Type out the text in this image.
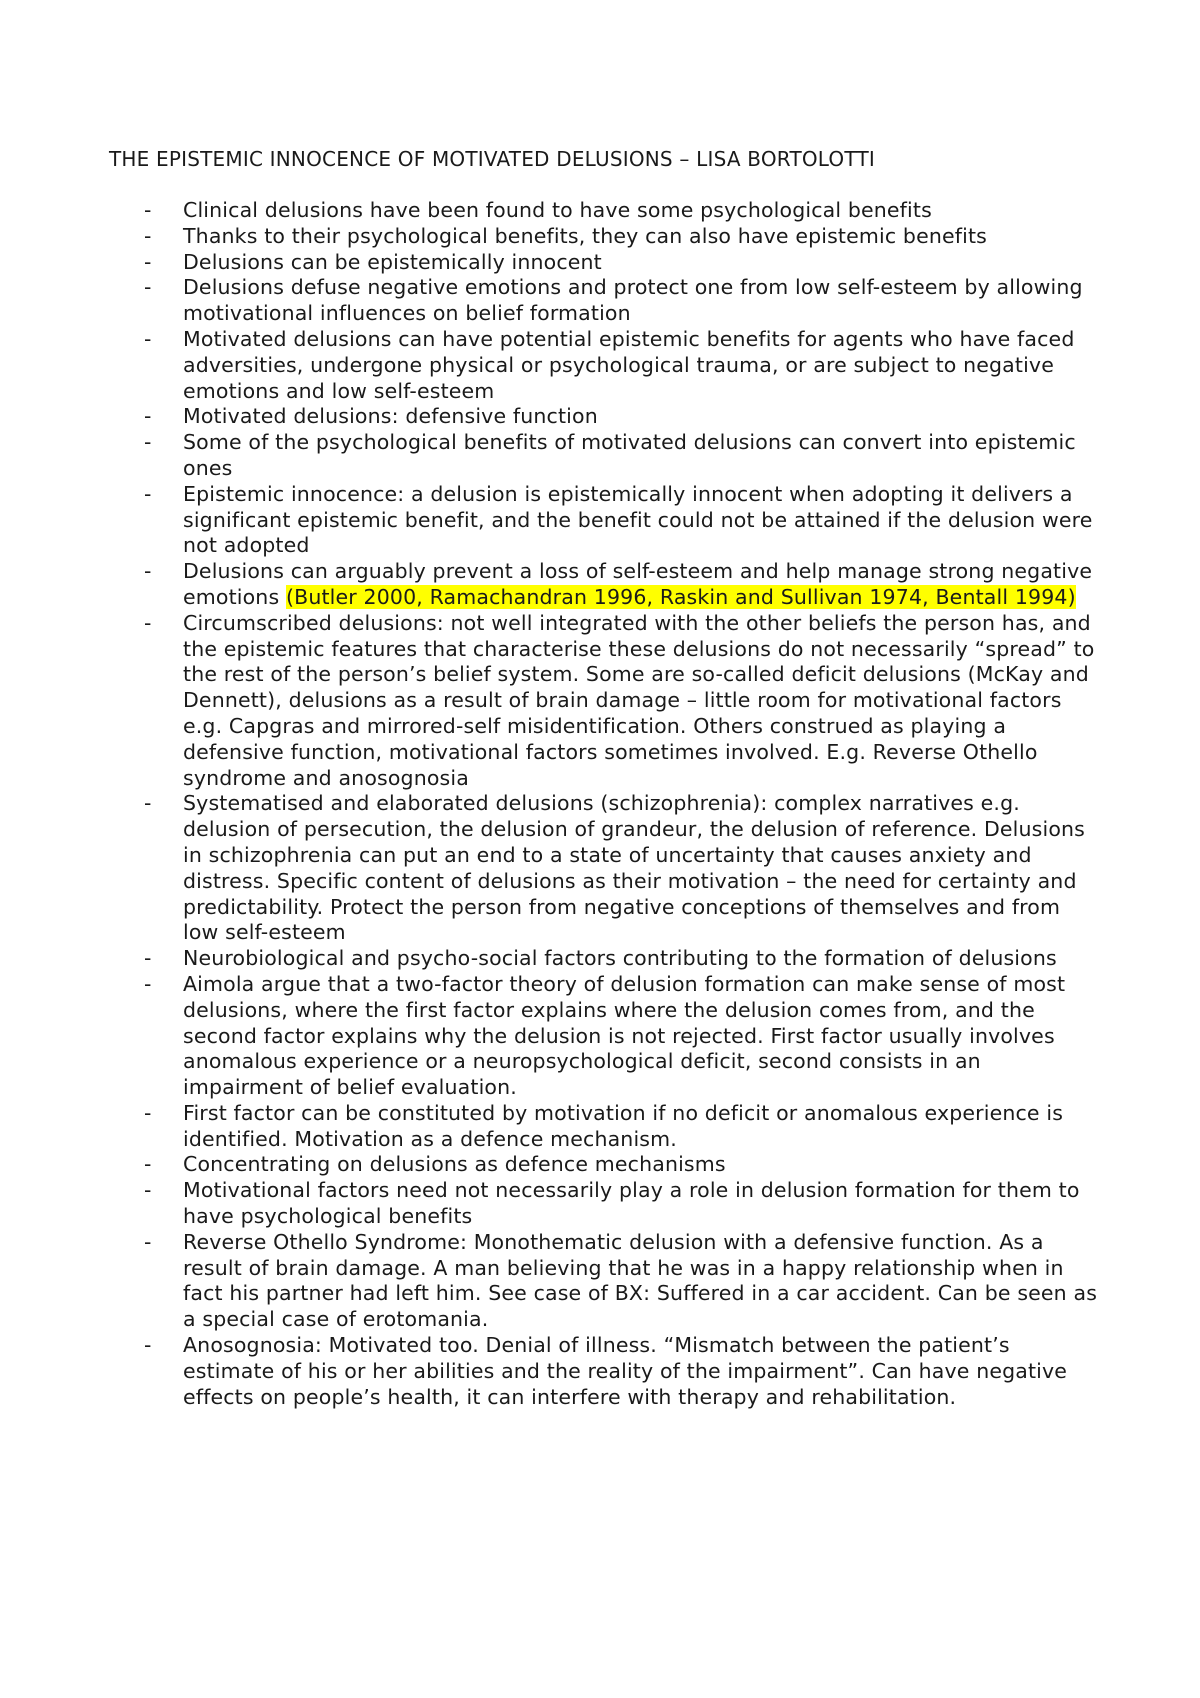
THE EPISTEMIC INNOCENCE OF MOTIVATED DELUSIONS – LISA BORTOLOTTI
- Clinical delusions have been found to have some psychological benefits
- Thanks to their psychological benefits, they can also have epistemic benefits
- Delusions can be epistemically innocent
- Delusions defuse negative emotions and protect one from low self-esteem by allowing motivational influences on belief formation
- Motivated delusions can have potential epistemic benefits for agents who have faced adversities, undergone physical or psychological trauma, or are subject to negative emotions and low self-esteem
- Motivated delusions: defensive function
- Some of the psychological benefits of motivated delusions can convert into epistemic ones
- Epistemic innocence: a delusion is epistemically innocent when adopting it delivers a significant epistemic benefit, and the benefit could not be attained if the delusion were not adopted
- Delusions can arguably prevent a loss of self-esteem and help manage strong negative emotions (Butler 2000, Ramachandran 1996, Raskin and Sullivan 1974, Bentall 1994)
- Circumscribed delusions: not well integrated with the other beliefs the person has, and the epistemic features that characterise these delusions do not necessarily “spread” to the rest of the person’s belief system. Some are so-called deficit delusions (McKay and Dennett), delusions as a result of brain damage – little room for motivational factors e.g. Capgras and mirrored-self misidentification. Others construed as playing a defensive function, motivational factors sometimes involved. E.g. Reverse Othello syndrome and anosognosia
- Systematised and elaborated delusions (schizophrenia): complex narratives e.g. delusion of persecution, the delusion of grandeur, the delusion of reference. Delusions in schizophrenia can put an end to a state of uncertainty that causes anxiety and distress. Specific content of delusions as their motivation – the need for certainty and predictability. Protect the person from negative conceptions of themselves and from low self-esteem
- Neurobiological and psycho-social factors contributing to the formation of delusions
- Aimola argue that a two-factor theory of delusion formation can make sense of most delusions, where the first factor explains where the delusion comes from, and the second factor explains why the delusion is not rejected. First factor usually involves anomalous experience or a neuropsychological deficit, second consists in an impairment of belief evaluation.
- First factor can be constituted by motivation if no deficit or anomalous experience is identified. Motivation as a defence mechanism.
- Concentrating on delusions as defence mechanisms
- Motivational factors need not necessarily play a role in delusion formation for them to have psychological benefits
- Reverse Othello Syndrome: Monothematic delusion with a defensive function. As a result of brain damage. A man believing that he was in a happy relationship when in fact his partner had left him. See case of BX: Suffered in a car accident. Can be seen as a special case of erotomania.
- Anosognosia: Motivated too. Denial of illness. “Mismatch between the patient’s estimate of his or her abilities and the reality of the impairment”. Can have negative effects on people’s health, it can interfere with therapy and rehabilitation.
